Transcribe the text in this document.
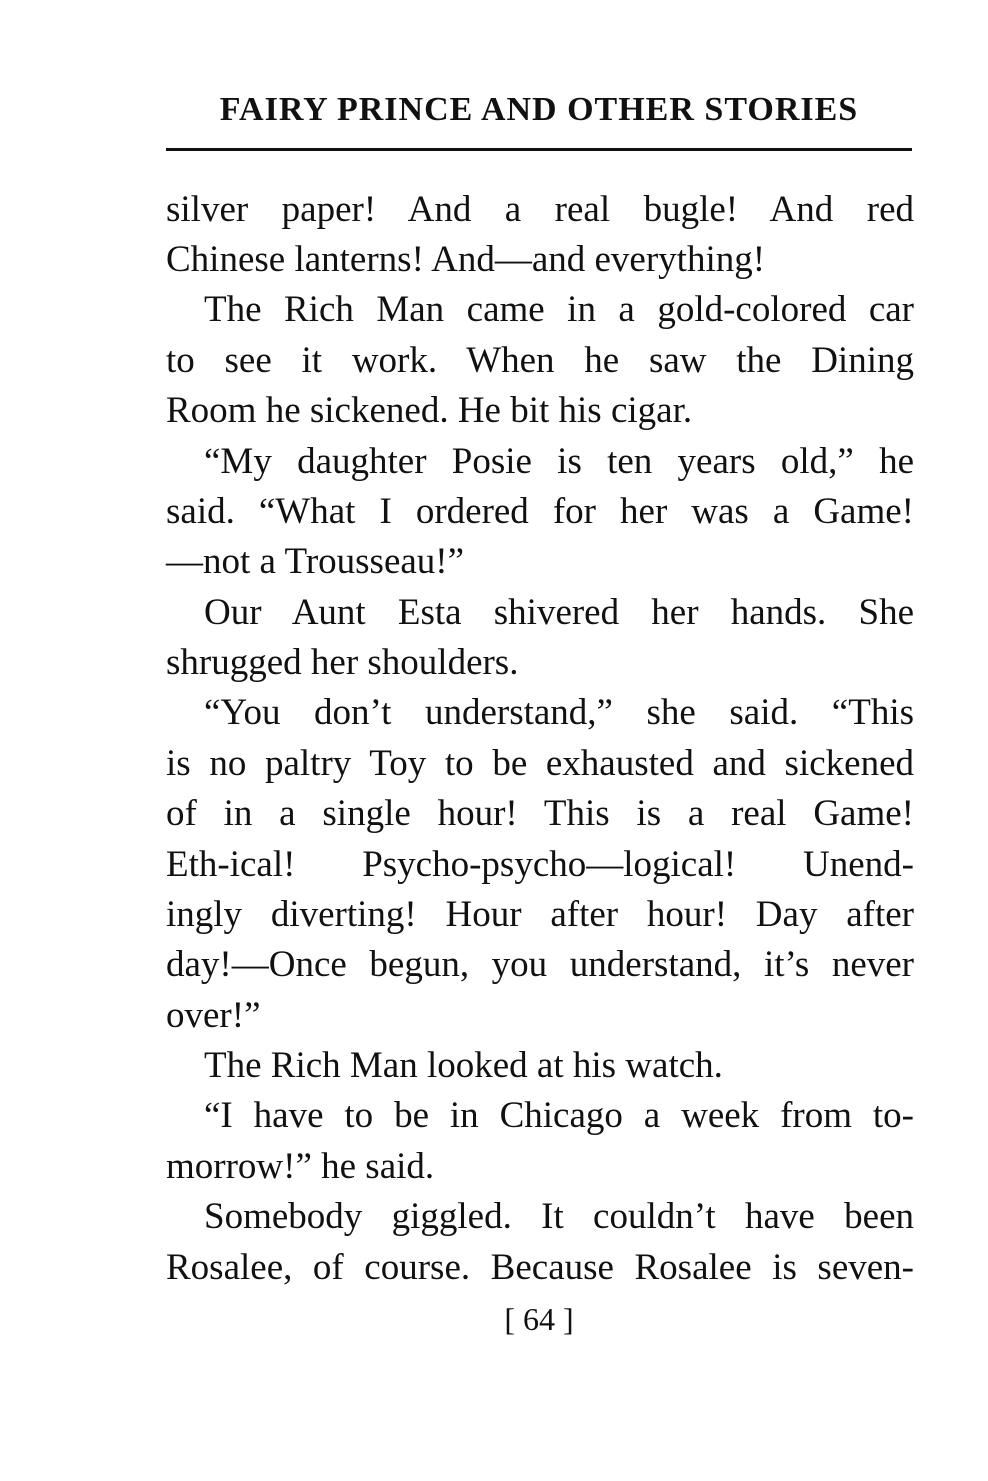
FAIRY PRINCE AND OTHER STORIES
silver paper! And a real bugle! And red
Chinese lanterns! And—and everything!
The Rich Man came in a gold-colored car
to see it work. When he saw the Dining
Room he sickened. He bit his cigar.
“My daughter Posie is ten years old,” he
said. “What I ordered for her was a Game!
—not a Trousseau!”
Our Aunt Esta shivered her hands. She
shrugged her shoulders.
“You don’t understand,” she said. “This
is no paltry Toy to be exhausted and sickened
of in a single hour! This is a real Game!
Eth-ical! Psycho-psycho—logical! Unend-
ingly diverting! Hour after hour! Day after
day!—Once begun, you understand, it’s never
over!”
The Rich Man looked at his watch.
“I have to be in Chicago a week from to-
morrow!” he said.
Somebody giggled. It couldn’t have been
Rosalee, of course. Because Rosalee is seven-
[ 64 ]
